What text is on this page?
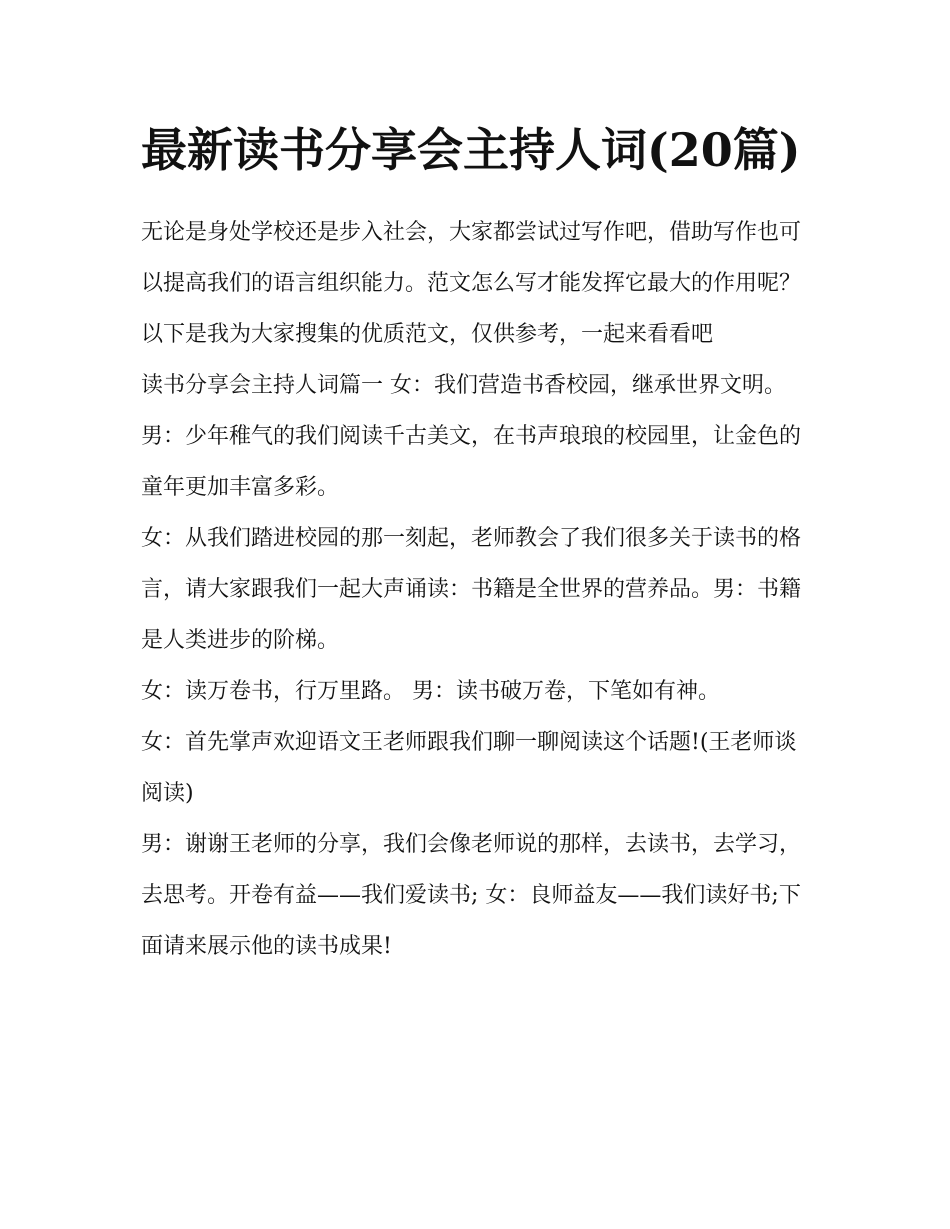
最新读书分享会主持人词(20篇)

无论是身处学校还是步入社会，大家都尝试过写作吧，借助写作也可以提高我们的语言组织能力。范文怎么写才能发挥它最大的作用呢？以下是我为大家搜集的优质范文，仅供参考，一起来看看吧

读书分享会主持人词篇一 女：我们营造书香校园，继承世界文明。 男：少年稚气的我们阅读千古美文，在书声琅琅的校园里，让金色的童年更加丰富多彩。

女：从我们踏进校园的那一刻起，老师教会了我们很多关于读书的格言，请大家跟我们一起大声诵读：书籍是全世界的营养品。男：书籍是人类进步的阶梯。

女：读万卷书，行万里路。 男：读书破万卷，下笔如有神。

女：首先掌声欢迎语文王老师跟我们聊一聊阅读这个话题!(王老师谈阅读)

男：谢谢王老师的分享，我们会像老师说的那样，去读书，去学习，去思考。开卷有益——我们爱读书; 女：良师益友——我们读好书;下面请来展示他的读书成果!
